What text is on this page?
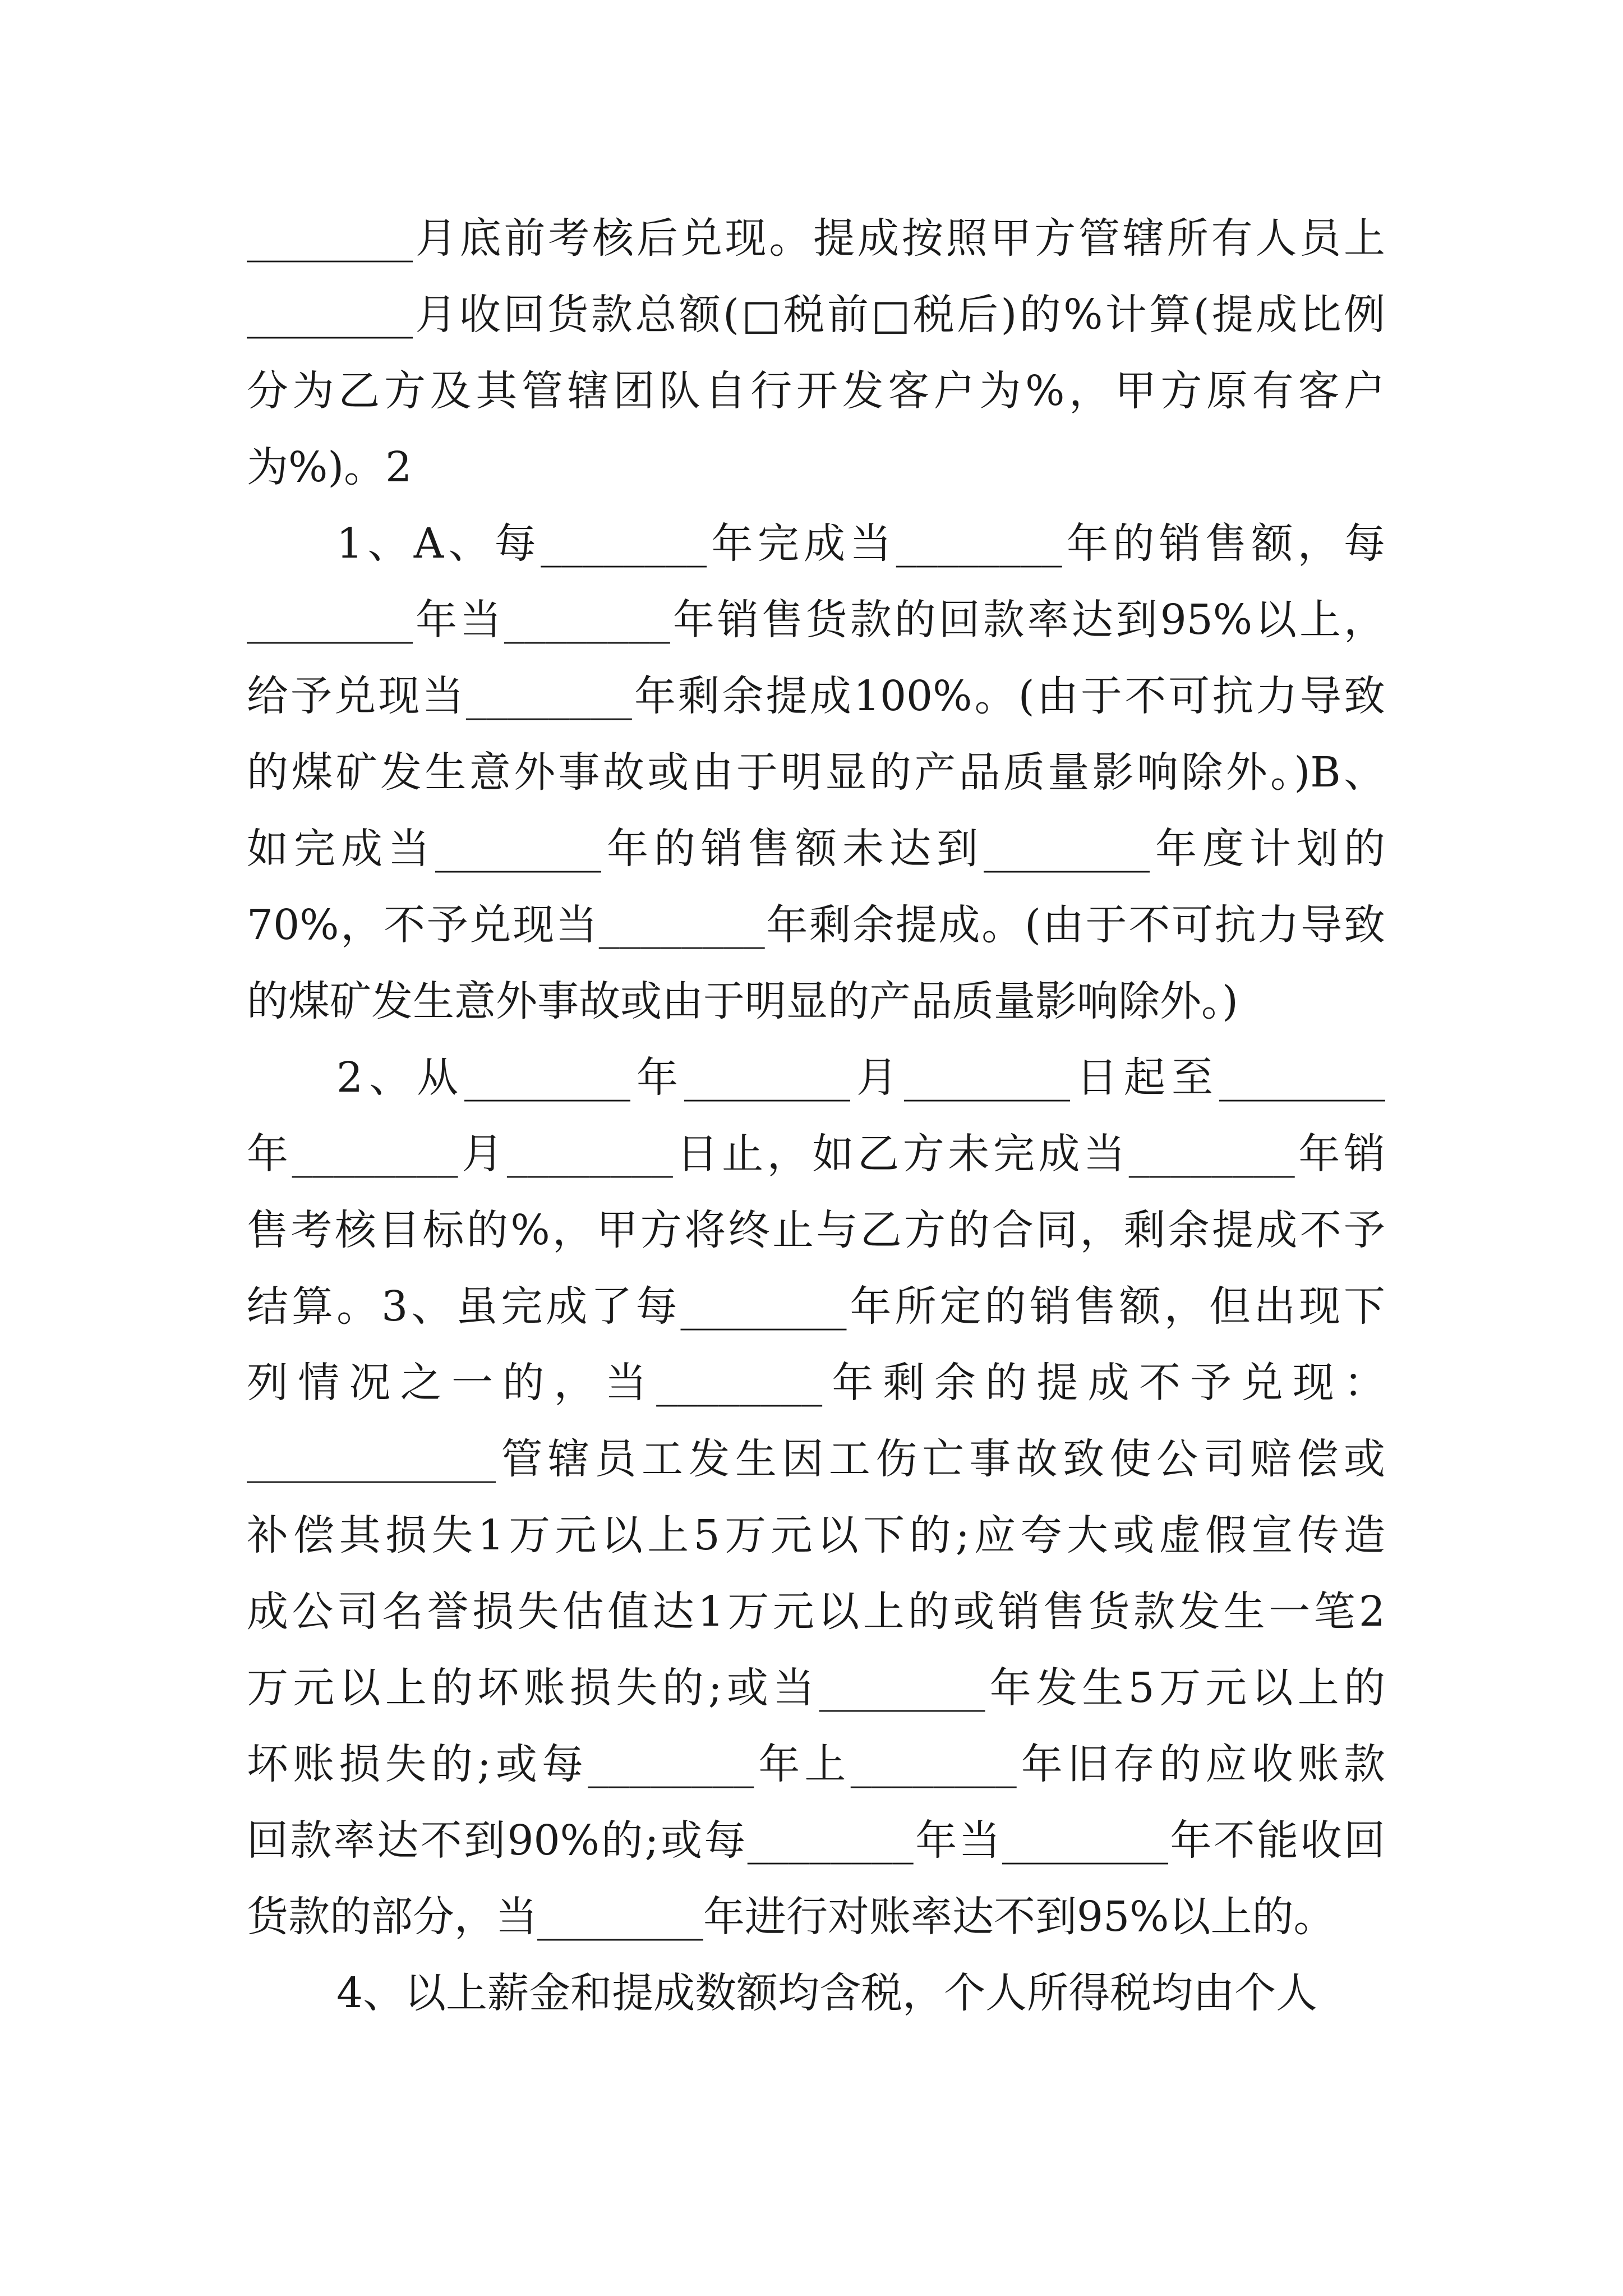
________月底前考核后兑现。提成按照甲方管辖所有人员上
________月收回货款总额(□税前□税后)的%计算(提成比例
分为乙方及其管辖团队自行开发客户为%，甲方原有客户
为%)。2
1、A、每________年完成当________年的销售额，每
________年当________年销售货款的回款率达到95%以上，
给予兑现当________年剩余提成100%。(由于不可抗力导致
的煤矿发生意外事故或由于明显的产品质量影响除外。)B、
如完成当________年的销售额未达到________年度计划的
70%，不予兑现当________年剩余提成。(由于不可抗力导致
的煤矿发生意外事故或由于明显的产品质量影响除外。)
2、从________年________月________日起至________
年________月________日止，如乙方未完成当________年销
售考核目标的%，甲方将终止与乙方的合同，剩余提成不予
结算。3、虽完成了每________年所定的销售额，但出现下
列情况之一的，当________年剩余的提成不予兑现：
____________管辖员工发生因工伤亡事故致使公司赔偿或
补偿其损失1万元以上5万元以下的;应夸大或虚假宣传造
成公司名誉损失估值达1万元以上的或销售货款发生一笔2
万元以上的坏账损失的;或当________年发生5万元以上的
坏账损失的;或每________年上________年旧存的应收账款
回款率达不到90%的;或每________年当________年不能收回
货款的部分，当________年进行对账率达不到95%以上的。
4、以上薪金和提成数额均含税，个人所得税均由个人
